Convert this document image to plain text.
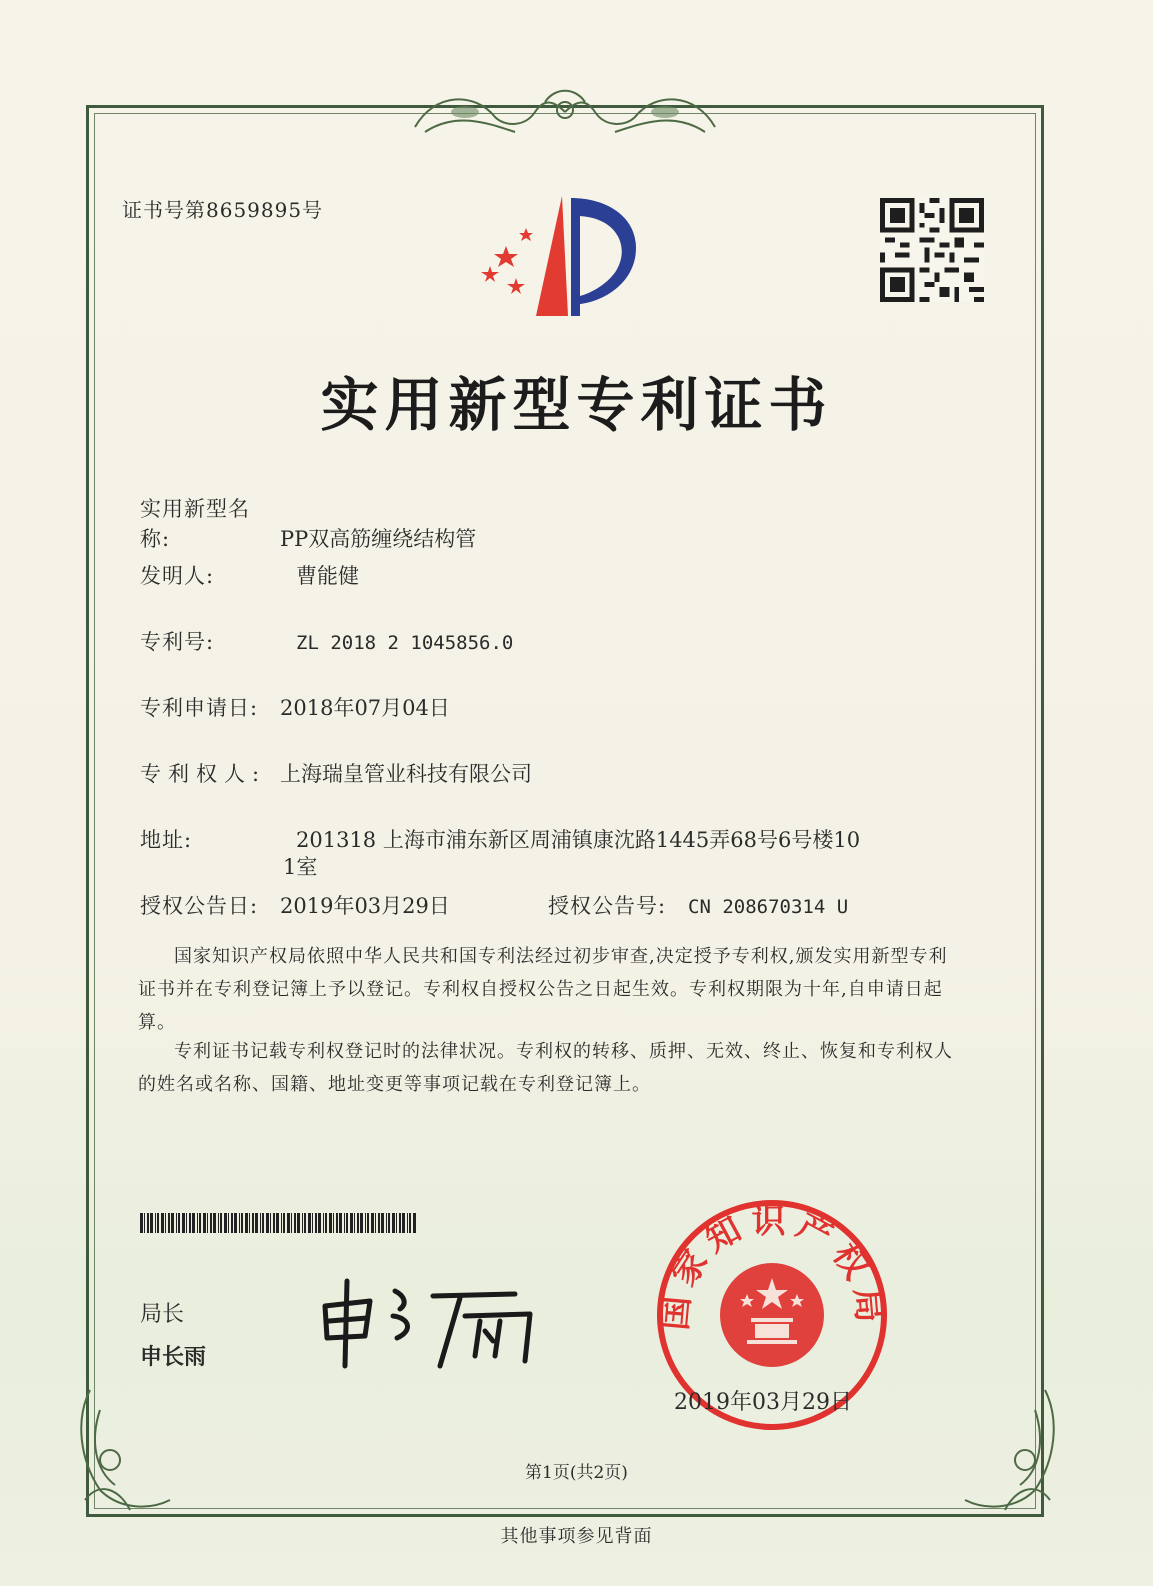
证书号第8659895号
实用新型专利证书
实用新型名称:	PP双高筋缠绕结构管
发明人:	曹能健
专利号:	ZL 2018 2 1045856.0
专利申请日: 2018年07月04日
专利权人: 上海瑞皇管业科技有限公司
地址:	201318 上海市浦东新区周浦镇康沈路1445弄68号6号楼10
1室
授权公告日: 2019年03月29日	授权公告号: CN 208670314 U
国家知识产权局依照中华人民共和国专利法经过初步审查,决定授予专利权,颁发实用新型专利证书并在专利登记簿上予以登记。专利权自授权公告之日起生效。专利权期限为十年,自申请日起算。
专利证书记载专利权登记时的法律状况。专利权的转移、质押、无效、终止、恢复和专利权人的姓名或名称、国籍、地址变更等事项记载在专利登记簿上。
局长
申长雨
国家知识产权局
2019年03月29日
第1页(共2页)
其他事项参见背面
